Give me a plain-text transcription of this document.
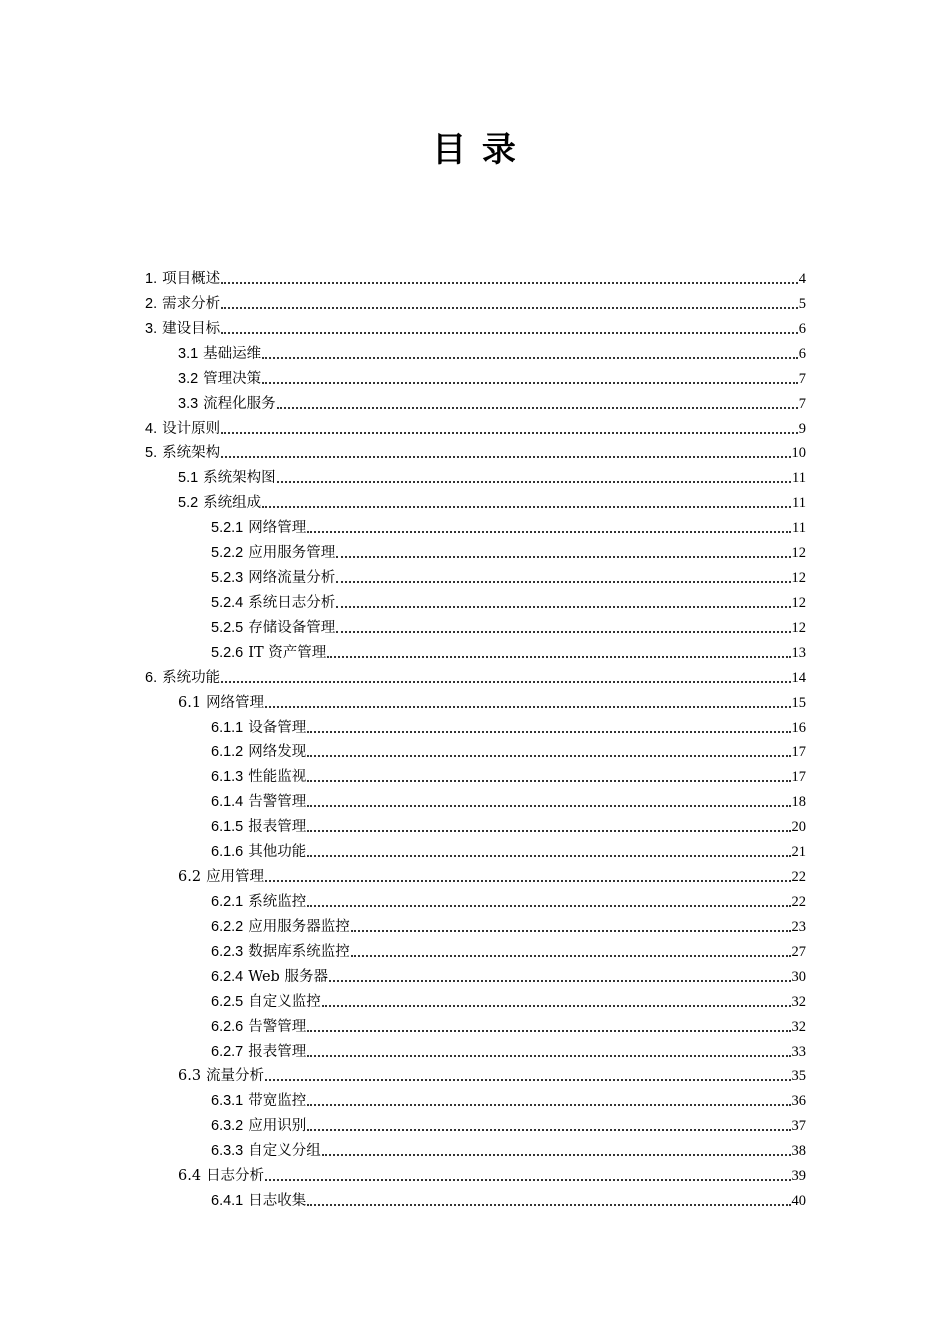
目 录
1. 项目概述	4
2. 需求分析	5
3. 建设目标	6
3.1 基础运维	6
3.2 管理决策	7
3.3 流程化服务	7
4. 设计原则	9
5. 系统架构	10
5.1 系统架构图	11
5.2 系统组成	11
5.2.1 网络管理	11
5.2.2 应用服务管理	12
5.2.3 网络流量分析	12
5.2.4 系统日志分析	12
5.2.5 存储设备管理	12
5.2.6 IT 资产管理	13
6. 系统功能	14
6.1 网络管理	15
6.1.1 设备管理	16
6.1.2 网络发现	17
6.1.3 性能监视	17
6.1.4 告警管理	18
6.1.5 报表管理	20
6.1.6 其他功能	21
6.2 应用管理	22
6.2.1 系统监控	22
6.2.2 应用服务器监控	23
6.2.3 数据库系统监控	27
6.2.4 Web 服务器	30
6.2.5 自定义监控	32
6.2.6 告警管理	32
6.2.7 报表管理	33
6.3 流量分析	35
6.3.1 带宽监控	36
6.3.2 应用识别	37
6.3.3 自定义分组	38
6.4 日志分析	39
6.4.1 日志收集	40
